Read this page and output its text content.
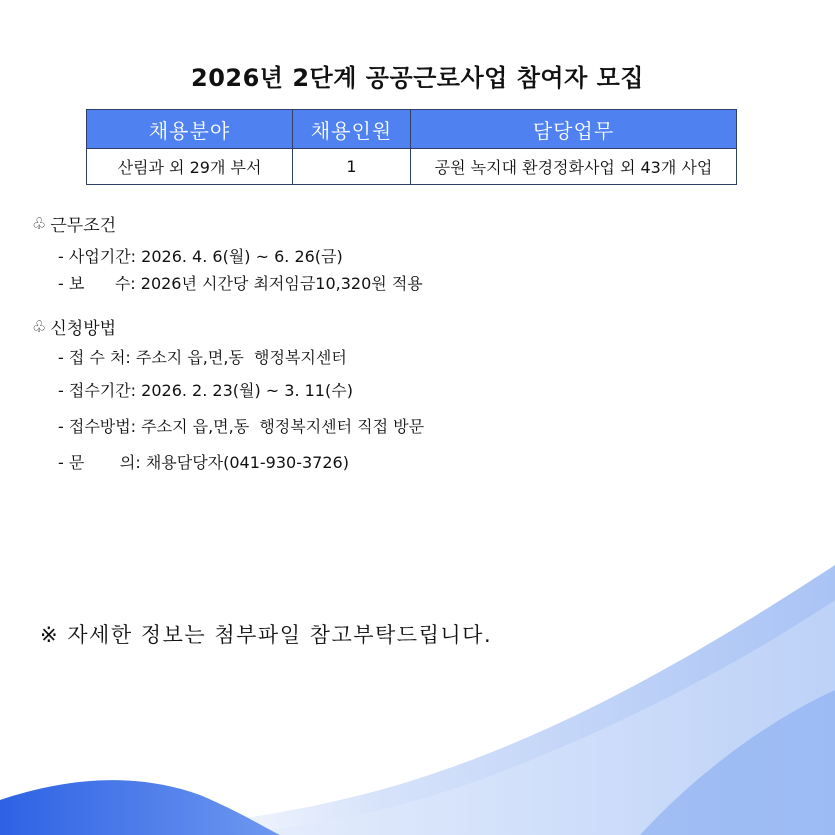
2026년 2단계 공공근로사업 참여자 모집
채용분야	채용인원	담당업무
산림과 외 29개 부서	1	공원 녹지대 환경정화사업 외 43개 사업
♧ 근무조건
- 사업기간: 2026. 4. 6(월) ~ 6. 26(금)
- 보      수: 2026년 시간당 최저임금10,320원 적용
♧ 신청방법
- 접 수 처: 주소지 읍,면,동  행정복지센터
- 접수기간: 2026. 2. 23(월) ~ 3. 11(수)
- 접수방법: 주소지 읍,면,동  행정복지센터 직접 방문
- 문       의: 채용담당자(041-930-3726)
※ 자세한 정보는 첨부파일 참고부탁드립니다.
